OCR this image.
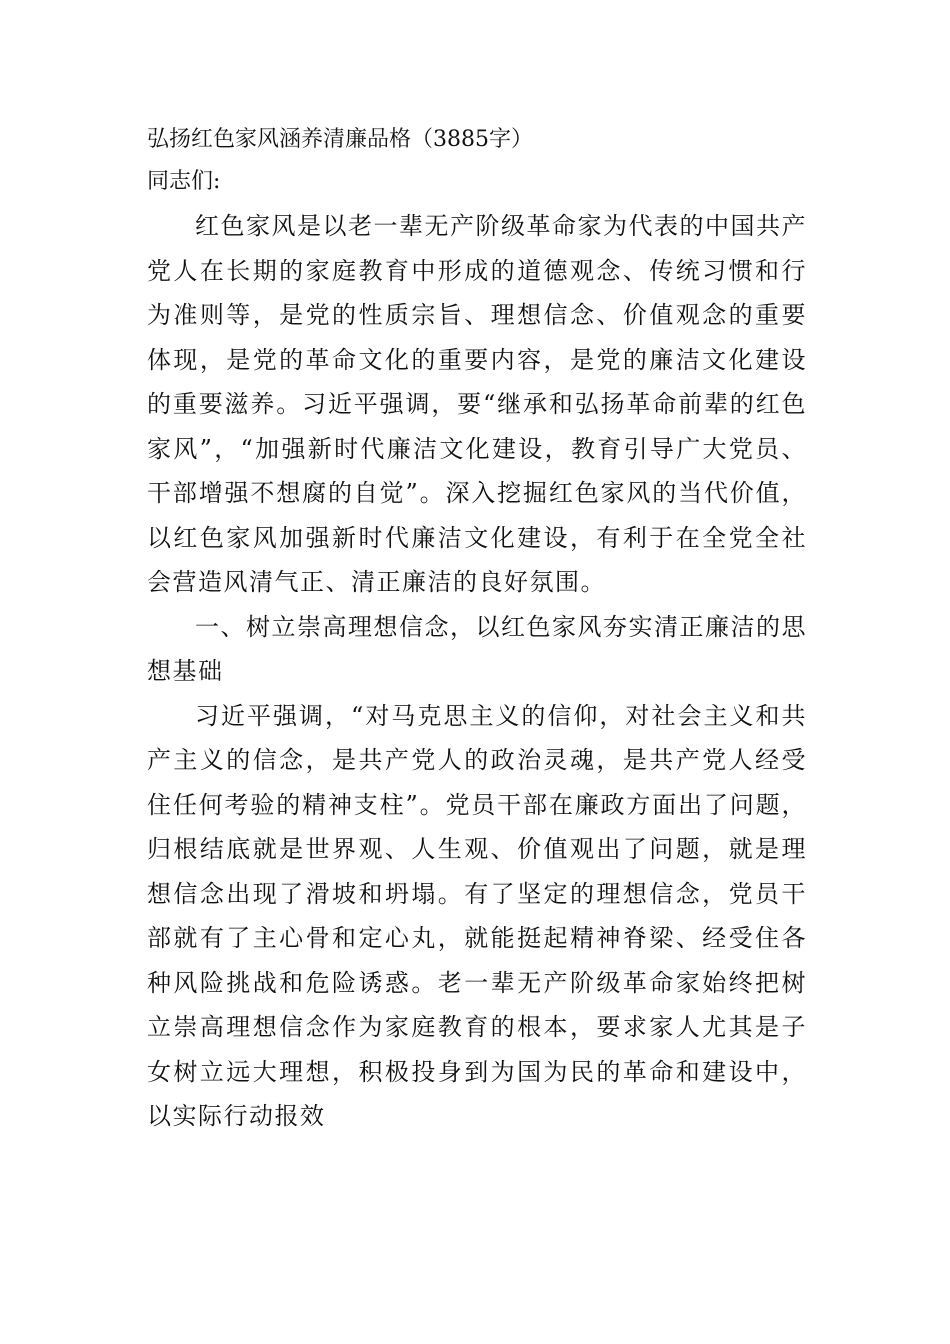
弘扬红色家风涵养清廉品格（3885字）

同志们:

红色家风是以老一辈无产阶级革命家为代表的中国共产党人在长期的家庭教育中形成的道德观念、传统习惯和行为准则等，是党的性质宗旨、理想信念、价值观念的重要体现，是党的革命文化的重要内容，是党的廉洁文化建设的重要滋养。习近平强调，要“继承和弘扬革命前辈的红色家风”，“加强新时代廉洁文化建设，教育引导广大党员、干部增强不想腐的自觉”。深入挖掘红色家风的当代价值，以红色家风加强新时代廉洁文化建设，有利于在全党全社会营造风清气正、清正廉洁的良好氛围。

一、树立崇高理想信念，以红色家风夯实清正廉洁的思想基础

习近平强调，“对马克思主义的信仰，对社会主义和共产主义的信念，是共产党人的政治灵魂，是共产党人经受住任何考验的精神支柱”。党员干部在廉政方面出了问题，归根结底就是世界观、人生观、价值观出了问题，就是理想信念出现了滑坡和坍塌。有了坚定的理想信念，党员干部就有了主心骨和定心丸，就能挺起精神脊梁、经受住各种风险挑战和危险诱惑。老一辈无产阶级革命家始终把树立崇高理想信念作为家庭教育的根本，要求家人尤其是子女树立远大理想，积极投身到为国为民的革命和建设中，以实际行动报效
